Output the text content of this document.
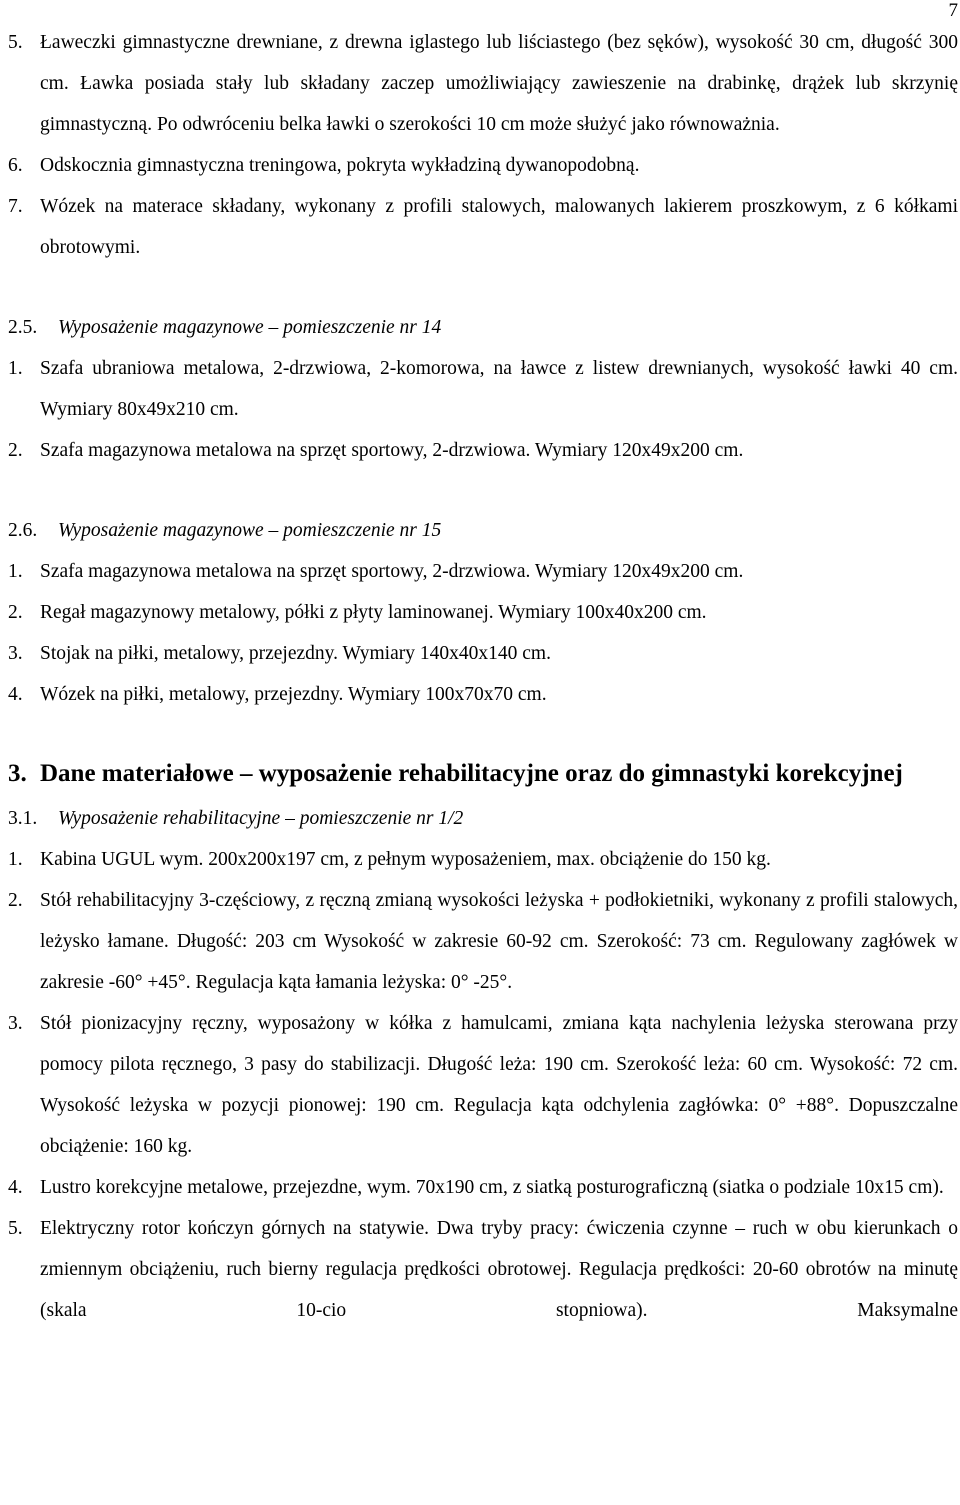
7
5. Ławeczki gimnastyczne drewniane, z drewna iglastego lub liściastego (bez sęków), wysokość 30 cm, długość 300 cm. Ławka posiada stały lub składany zaczep umożliwiający zawieszenie na drabinkę, drążek lub skrzynię gimnastyczną. Po odwróceniu belka ławki o szerokości 10 cm może służyć jako równoważnia.
6. Odskocznia gimnastyczna treningowa, pokryta wykładziną dywanopodobną.
7. Wózek na materace składany, wykonany z profili stalowych, malowanych lakierem proszkowym, z 6 kółkami obrotowymi.
2.5. Wyposażenie magazynowe – pomieszczenie nr 14
1. Szafa ubraniowa metalowa, 2-drzwiowa, 2-komorowa, na ławce z listew drewnianych, wysokość ławki 40 cm. Wymiary 80x49x210 cm.
2. Szafa magazynowa metalowa na sprzęt sportowy, 2-drzwiowa. Wymiary 120x49x200 cm.
2.6. Wyposażenie magazynowe – pomieszczenie nr 15
1. Szafa magazynowa metalowa na sprzęt sportowy, 2-drzwiowa. Wymiary 120x49x200 cm.
2. Regał magazynowy metalowy, półki z płyty laminowanej. Wymiary 100x40x200 cm.
3. Stojak na piłki, metalowy, przejezdny. Wymiary 140x40x140 cm.
4. Wózek na piłki, metalowy, przejezdny. Wymiary 100x70x70 cm.
3. Dane materiałowe – wyposażenie rehabilitacyjne oraz do gimnastyki korekcyjnej
3.1. Wyposażenie rehabilitacyjne – pomieszczenie nr 1/2
1. Kabina UGUL wym. 200x200x197 cm, z pełnym wyposażeniem, max. obciążenie do 150 kg.
2. Stół rehabilitacyjny 3-częściowy, z ręczną zmianą wysokości leżyska + podłokietniki, wykonany z profili stalowych, leżysko łamane. Długość: 203 cm Wysokość w zakresie 60-92 cm. Szerokość: 73 cm. Regulowany zagłówek w zakresie -60° +45°. Regulacja kąta łamania leżyska: 0° -25°.
3. Stół pionizacyjny ręczny, wyposażony w kółka z hamulcami, zmiana kąta nachylenia leżyska sterowana przy pomocy pilota ręcznego, 3 pasy do stabilizacji. Długość leża: 190 cm. Szerokość leża: 60 cm. Wysokość: 72 cm. Wysokość leżyska w pozycji pionowej: 190 cm. Regulacja kąta odchylenia zagłówka: 0° +88°. Dopuszczalne obciążenie: 160 kg.
4. Lustro korekcyjne metalowe, przejezdne, wym. 70x190 cm, z siatką posturograficzną (siatka o podziale 10x15 cm).
5. Elektryczny rotor kończyn górnych na statywie. Dwa tryby pracy: ćwiczenia czynne – ruch w obu kierunkach o zmiennym obciążeniu, ruch bierny regulacja prędkości obrotowej. Regulacja prędkości: 20-60 obrotów na minutę (skala 10-cio stopniowa). Maksymalne
